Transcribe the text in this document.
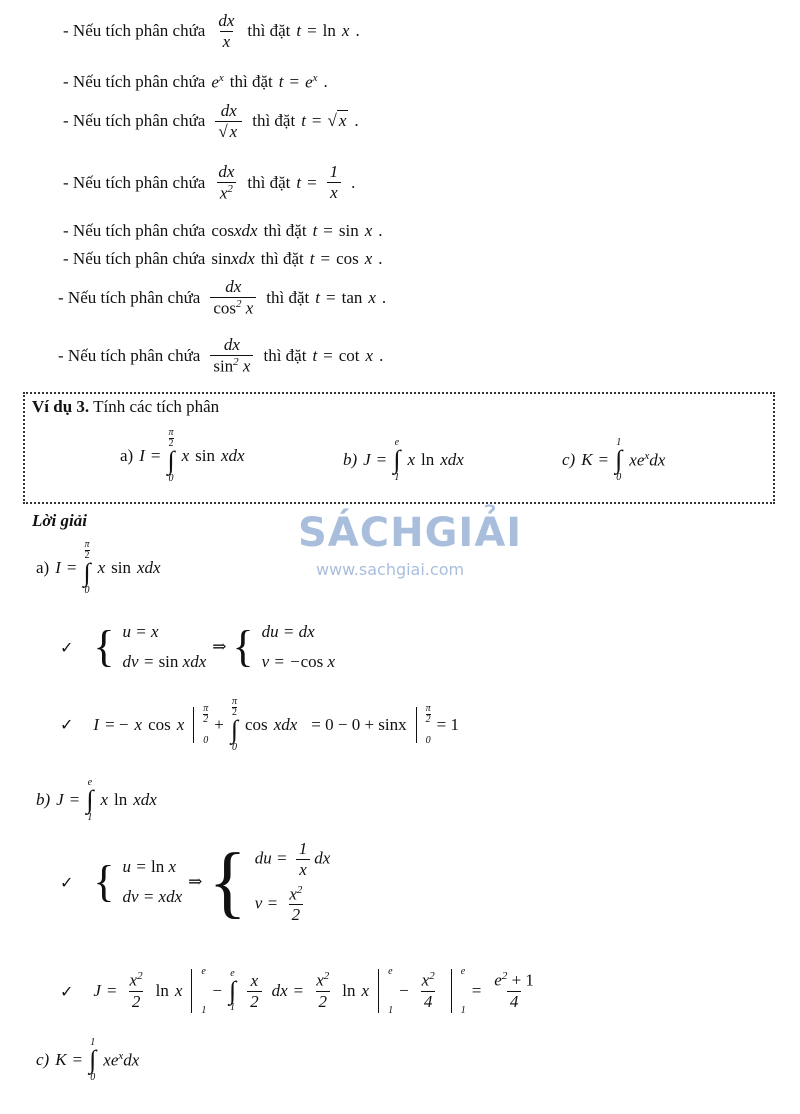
- Nếu tích phân chứa $\frac{dx}{x}$ thì đặt t = ln x .
- Nếu tích phân chứa $e^x$ thì đặt $t = e^x$ .
- Nếu tích phân chứa $\frac{dx}{√ x}$ thì đặt t = √ x .
- Nếu tích phân chứa $\frac{dx}{x^2}$ thì đặt $t = \frac{1}{x}$ .
- Nếu tích phân chứa cosxdx thì đặt t = sin x .
- Nếu tích phân chứa sinxdx thì đặt t = cos x .
- Nếu tích phân chứa $\frac{dx}{\cos^2 x}$ thì đặt t = tan x .
- Nếu tích phân chứa $\frac{dx}{\sin^2 x}$ thì đặt t = cot x .
Ví dụ 3. Tính các tích phân
a) I =
$\frac{\pi}{2}$
∫
0
x sin xdx	b) J =
e
∫
1
x ln xdx	c) K =
1
∫
0
$xe^xdx$
SÁCHGIẢI
www.sachgiai.com
Lời giải
a) I =
$\frac{\pi}{2}$
∫
0
x sin xdx
✓ { u = x
dv = sin xdx
⇒ { du = dx
v = −cos x
✓ I = − x cos x $\frac{\pi}{2}$
0
+
$\frac{\pi}{2}$
∫
0
cos xdx = 0 − 0 + sinx $\frac{\pi}{2}$
0
= 1
b) J =
e
∫
1
x ln xdx
✓ { u = ln x
dv = xdx
⇒ { du = $\frac{1}{x}$ dx
$v = \frac{x^2}{2}$
✓ $J = \frac{x^2}{2}$ ln x
e
1
−
e
∫
$1 \frac{x}{2}$ dx = $\frac{x^2}{2}$ ln x
e
1
− $\frac{x^2}{4}$ e
1
= $\frac{e^2 + 1}{4}$
c) K =
1
∫
0
$xe^xdx$
